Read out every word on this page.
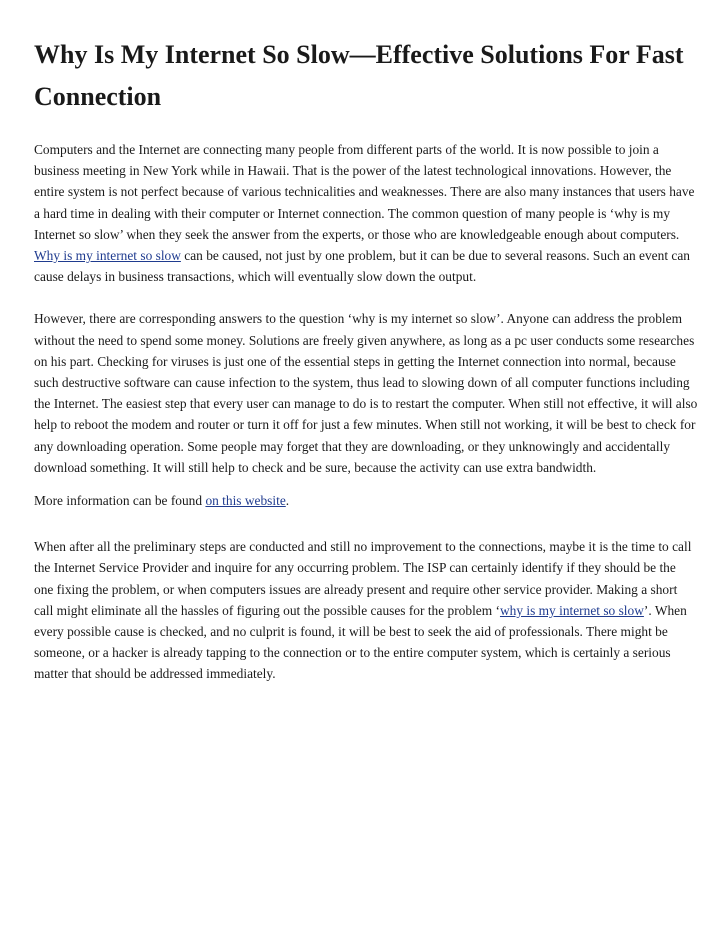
Why Is My Internet So Slow—Effective Solutions For Fast Connection

Computers and the Internet are connecting many people from different parts of the world. It is now possible to join a business meeting in New York while in Hawaii. That is the power of the latest technological innovations. However, the entire system is not perfect because of various technicalities and weaknesses. There are also many instances that users have a hard time in dealing with their computer or Internet connection. The common question of many people is ‘why is my Internet so slow’ when they seek the answer from the experts, or those who are knowledgeable enough about computers. Why is my internet so slow can be caused, not just by one problem, but it can be due to several reasons. Such an event can cause delays in business transactions, which will eventually slow down the output.

However, there are corresponding answers to the question ‘why is my internet so slow’. Anyone can address the problem without the need to spend some money. Solutions are freely given anywhere, as long as a pc user conducts some researches on his part. Checking for viruses is just one of the essential steps in getting the Internet connection into normal, because such destructive software can cause infection to the system, thus lead to slowing down of all computer functions including the Internet. The easiest step that every user can manage to do is to restart the computer. When still not effective, it will also help to reboot the modem and router or turn it off for just a few minutes. When still not working, it will be best to check for any downloading operation. Some people may forget that they are downloading, or they unknowingly and accidentally download something. It will still help to check and be sure, because the activity can use extra bandwidth.

More information can be found on this website.

When after all the preliminary steps are conducted and still no improvement to the connections, maybe it is the time to call the Internet Service Provider and inquire for any occurring problem. The ISP can certainly identify if they should be the one fixing the problem, or when computers issues are already present and require other service provider. Making a short call might eliminate all the hassles of figuring out the possible causes for the problem ‘why is my internet so slow’. When every possible cause is checked, and no culprit is found, it will be best to seek the aid of professionals. There might be someone, or a hacker is already tapping to the connection or to the entire computer system, which is certainly a serious matter that should be addressed immediately.
